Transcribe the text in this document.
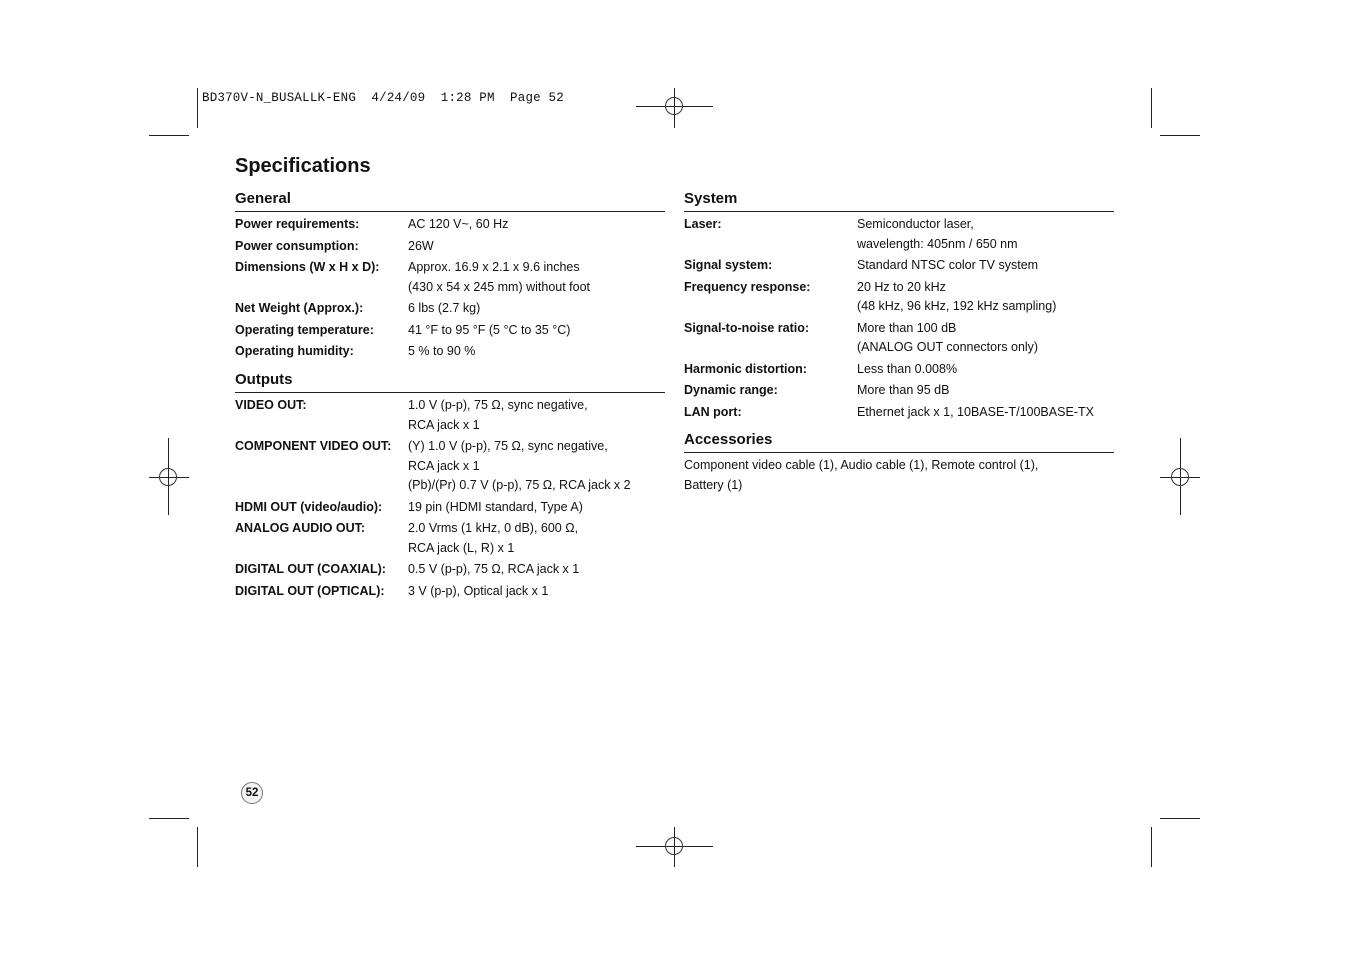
BD370V-N_BUSALLK-ENG  4/24/09  1:28 PM  Page 52
Specifications
General
Power requirements:	AC 120 V~, 60 Hz
Power consumption:	26W
Dimensions (W x H x D):	Approx. 16.9 x 2.1 x 9.6 inches
(430 x 54 x 245 mm) without foot
Net Weight (Approx.):	6 lbs (2.7 kg)
Operating temperature:	41 °F to 95 °F (5 °C to 35 °C)
Operating humidity:	5 % to 90 %
Outputs
VIDEO OUT:	1.0 V (p-p), 75 Ω, sync negative,
RCA jack x 1
COMPONENT VIDEO OUT:	(Y) 1.0 V (p-p), 75 Ω, sync negative,
RCA jack x 1
(Pb)/(Pr) 0.7 V (p-p), 75 Ω, RCA jack x 2
HDMI OUT (video/audio):	19 pin (HDMI standard, Type A)
ANALOG AUDIO OUT:	2.0 Vrms (1 kHz, 0 dB), 600 Ω,
RCA jack (L, R) x 1
DIGITAL OUT (COAXIAL):	0.5 V (p-p), 75 Ω, RCA jack x 1
DIGITAL OUT (OPTICAL):	3 V (p-p), Optical jack x 1
System
Laser:	Semiconductor laser,
wavelength: 405nm / 650 nm
Signal system:	Standard NTSC color TV system
Frequency response:	20 Hz to 20 kHz
(48 kHz, 96 kHz, 192 kHz sampling)
Signal-to-noise ratio:	More than 100 dB
(ANALOG OUT connectors only)
Harmonic distortion:	Less than 0.008%
Dynamic range:	More than 95 dB
LAN port:	Ethernet jack x 1, 10BASE-T/100BASE-TX
Accessories
Component video cable (1), Audio cable (1), Remote control (1),
Battery (1)
52
